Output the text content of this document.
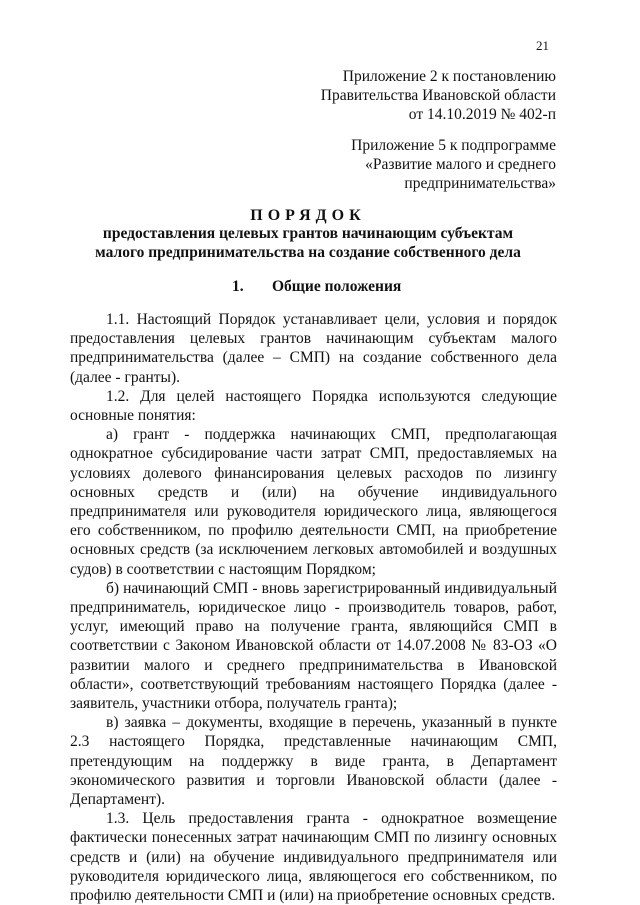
21
Приложение 2 к постановлению
Правительства Ивановской области
от 14.10.2019 № 402-п
Приложение 5 к подпрограмме
«Развитие малого и среднего
предпринимательства»
ПОРЯДОК
предоставления целевых грантов начинающим субъектам
малого предпринимательства на создание собственного дела
1. Общие положения

1.1. Настоящий Порядок устанавливает цели, условия и порядок предоставления целевых грантов начинающим субъектам малого предпринимательства (далее – СМП) на создание собственного дела (далее - гранты).

1.2. Для целей настоящего Порядка используются следующие основные понятия:

а) грант - поддержка начинающих СМП, предполагающая однократное субсидирование части затрат СМП, предоставляемых на условиях долевого финансирования целевых расходов по лизингу основных средств и (или) на обучение индивидуального предпринимателя или руководителя юридического лица, являющегося его собственником, по профилю деятельности СМП, на приобретение основных средств (за исключением легковых автомобилей и воздушных судов) в соответствии с настоящим Порядком;

б) начинающий СМП - вновь зарегистрированный индивидуальный предприниматель, юридическое лицо - производитель товаров, работ, услуг, имеющий право на получение гранта, являющийся СМП в соответствии с Законом Ивановской области от 14.07.2008 № 83-ОЗ «О развитии малого и среднего предпринимательства в Ивановской области», соответствующий требованиям настоящего Порядка (далее - заявитель, участники отбора, получатель гранта);

в) заявка – документы, входящие в перечень, указанный в пункте 2.3 настоящего Порядка, представленные начинающим СМП, претендующим на поддержку в виде гранта, в Департамент экономического развития и торговли Ивановской области (далее - Департамент).

1.3. Цель предоставления гранта - однократное возмещение фактически понесенных затрат начинающим СМП по лизингу основных средств и (или) на обучение индивидуального предпринимателя или руководителя юридического лица, являющегося его собственником, по профилю деятельности СМП и (или) на приобретение основных средств.
